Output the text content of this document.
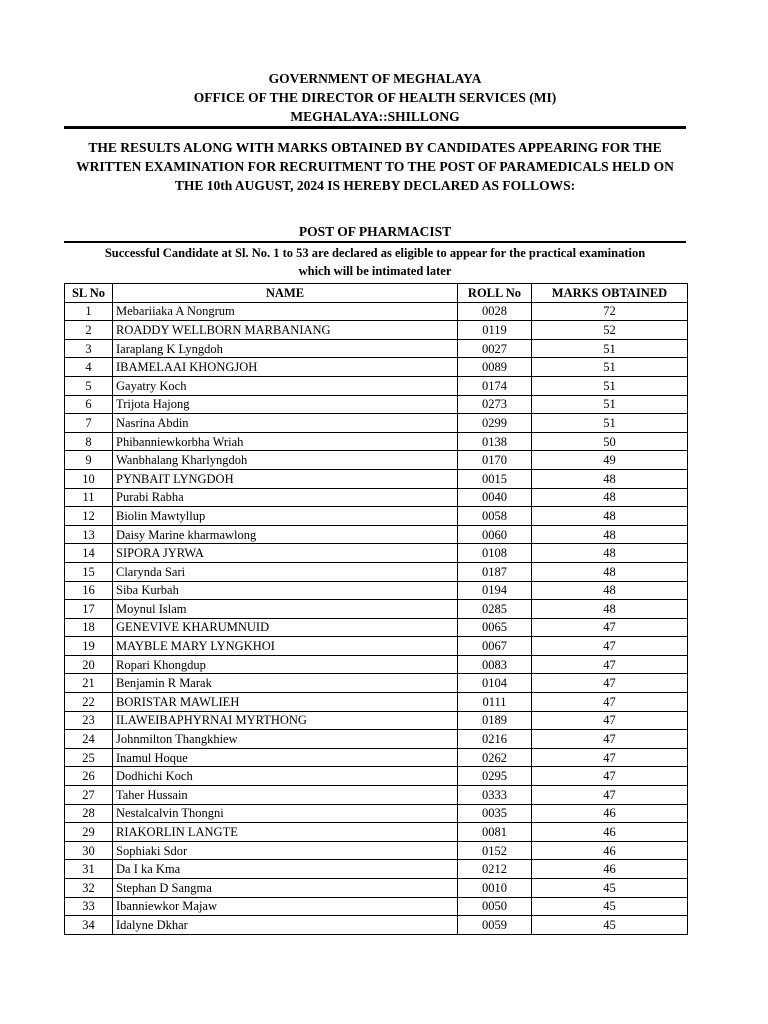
GOVERNMENT OF MEGHALAYA
OFFICE OF THE DIRECTOR OF HEALTH SERVICES (MI)
MEGHALAYA::SHILLONG
THE RESULTS ALONG WITH MARKS OBTAINED BY CANDIDATES APPEARING FOR THE
WRITTEN EXAMINATION FOR RECRUITMENT TO THE POST OF PARAMEDICALS HELD ON
THE 10th AUGUST, 2024 IS HEREBY DECLARED AS FOLLOWS:
POST OF PHARMACIST
Successful Candidate at Sl. No. 1 to 53 are declared as eligible to appear for the practical examination
which will be intimated later
SL No	NAME	ROLL No	MARKS OBTAINED
1	Mebariiaka A Nongrum	0028	72
2	ROADDY WELLBORN MARBANIANG	0119	52
3	Iaraplang K Lyngdoh	0027	51
4	IBAMELAAI KHONGJOH	0089	51
5	Gayatry Koch	0174	51
6	Trijota Hajong	0273	51
7	Nasrina Abdin	0299	51
8	Phibanniewkorbha Wriah	0138	50
9	Wanbhalang Kharlyngdoh	0170	49
10	PYNBAIT LYNGDOH	0015	48
11	Purabi Rabha	0040	48
12	Biolin Mawtyllup	0058	48
13	Daisy Marine kharmawlong	0060	48
14	SIPORA JYRWA	0108	48
15	Clarynda Sari	0187	48
16	Siba Kurbah	0194	48
17	Moynul Islam	0285	48
18	GENEVIVE KHARUMNUID	0065	47
19	MAYBLE MARY LYNGKHOI	0067	47
20	Ropari Khongdup	0083	47
21	Benjamin R Marak	0104	47
22	BORISTAR MAWLIEH	0111	47
23	ILAWEIBAPHYRNAI MYRTHONG	0189	47
24	Johnmilton Thangkhiew	0216	47
25	Inamul Hoque	0262	47
26	Dodhichi Koch	0295	47
27	Taher Hussain	0333	47
28	Nestalcalvin Thongni	0035	46
29	RIAKORLIN LANGTE	0081	46
30	Sophiaki Sdor	0152	46
31	Da I ka Kma	0212	46
32	Stephan D Sangma	0010	45
33	Ibanniewkor Majaw	0050	45
34	Idalyne Dkhar	0059	45
